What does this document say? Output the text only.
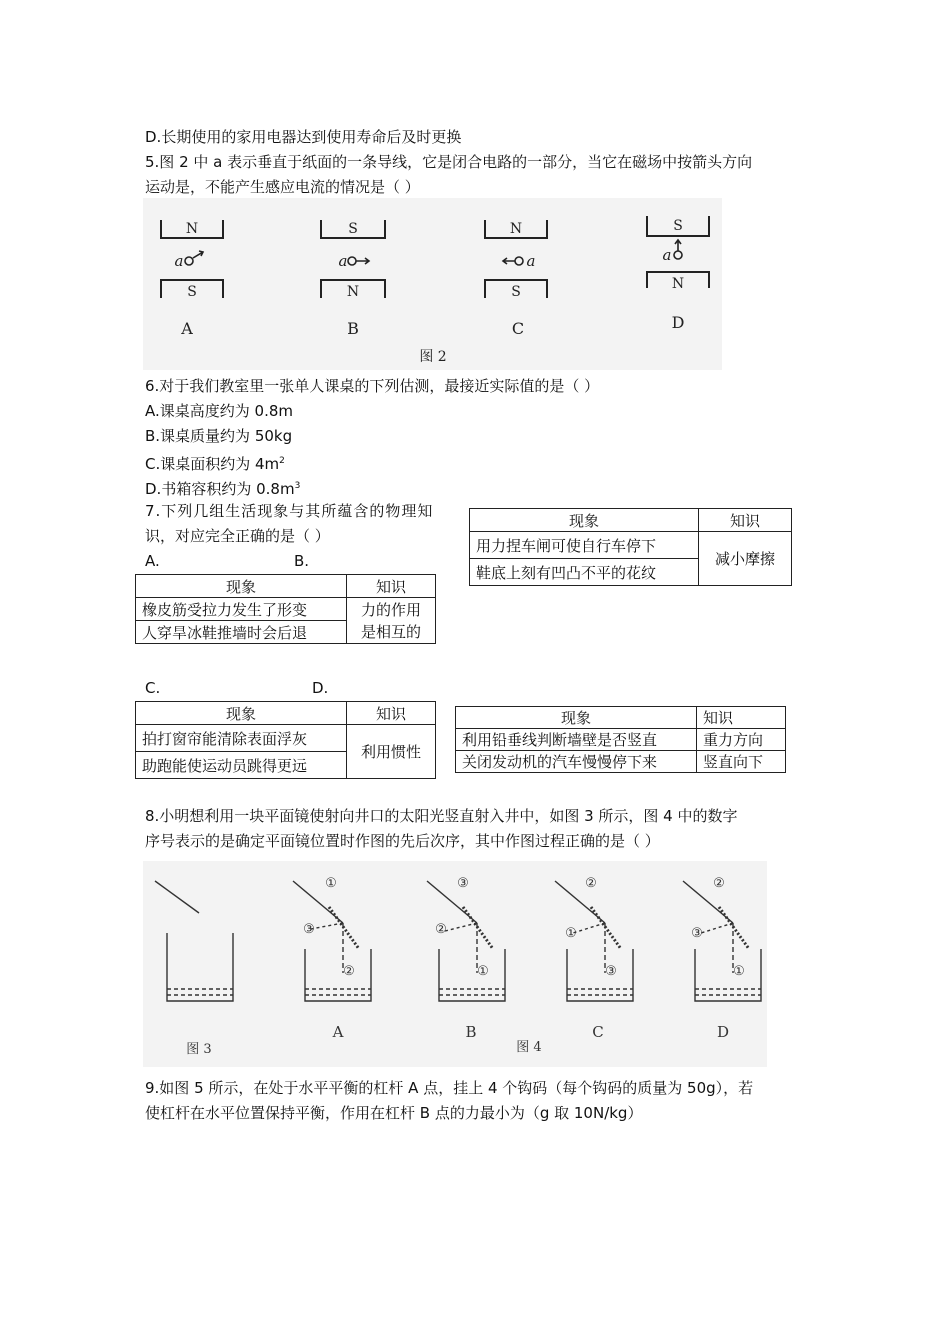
D.长期使用的家用电器达到使用寿命后及时更换
5.图 2 中 a 表示垂直于纸面的一条导线，它是闭合电路的一部分，当它在磁场中按箭头方向
运动是，不能产生感应电流的情况是（ ）
N
S
S
N
N
S
S
N
a	a	a	a
A	B	C	D
图 2
6.对于我们教室里一张单人课桌的下列估测，最接近实际值的是（ ）
A.课桌高度约为 0.8m
B.课桌质量约为 50kg
C.课桌面积约为 $4m^2$
D.书箱容积约为 $0.8m^3$
7.下列几组生活现象与其所蕴含的物理知
识，对应完全正确的是（ ）
A.	B.
现象	知识
用力捏车闸可使自行车停下	减小摩擦
鞋底上刻有凹凸不平的花纹	
现象	知识
橡皮筋受拉力发生了形变	力的作用
人穿旱冰鞋推墙时会后退	是相互的
C.	D.
现象	知识
拍打窗帘能清除表面浮灰	利用惯性
助跑能使运动员跳得更远	
现象	知识
利用铅垂线判断墙壁是否竖直	重力方向
关闭发动机的汽车慢慢停下来	竖直向下
8.小明想利用一块平面镜使射向井口的太阳光竖直射入井中，如图 3 所示，图 4 中的数字
序号表示的是确定平面镜位置时作图的先后次序，其中作图过程正确的是（ ）
①
③
②
③
②
①
②
①
③
②
③
①
A	B	C	D
图 3	图 4
9.如图 5 所示，在处于水平平衡的杠杆 A 点，挂上 4 个钩码（每个钩码的质量为 50g），若
使杠杆在水平位置保持平衡，作用在杠杆 B 点的力最小为（g 取 10N/kg）
